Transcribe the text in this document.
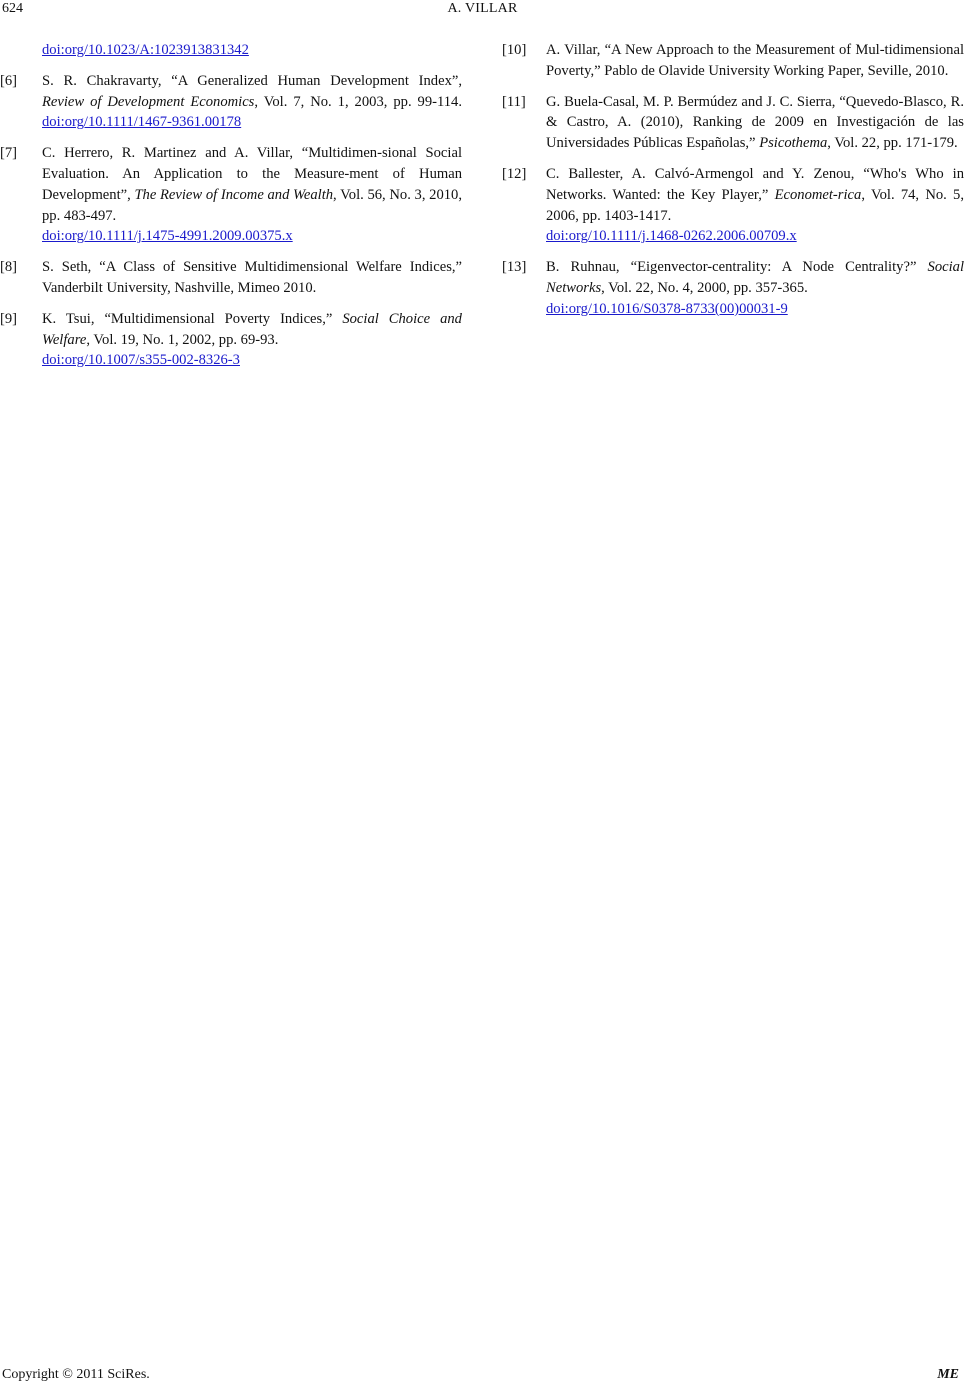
624	A. VILLAR
doi:org/10.1023/A:1023913831342
[6] S. R. Chakravarty, “A Generalized Human Development Index”, Review of Development Economics, Vol. 7, No. 1, 2003, pp. 99-114. doi:org/10.1111/1467-9361.00178
[7] C. Herrero, R. Martinez and A. Villar, “Multidimen-sional Social Evaluation. An Application to the Measure-ment of Human Development”, The Review of Income and Wealth, Vol. 56, No. 3, 2010, pp. 483-497.
doi:org/10.1111/j.1475-4991.2009.00375.x
[8] S. Seth, “A Class of Sensitive Multidimensional Welfare Indices,” Vanderbilt University, Nashville, Mimeo 2010.
[9] K. Tsui, “Multidimensional Poverty Indices,” Social Choice and Welfare, Vol. 19, No. 1, 2002, pp. 69-93.
doi:org/10.1007/s355-002-8326-3
[10] A. Villar, “A New Approach to the Measurement of Mul-tidimensional Poverty,” Pablo de Olavide University Working Paper, Seville, 2010.
[11] G. Buela-Casal, M. P. Bermúdez and J. C. Sierra, “Quevedo-Blasco, R. & Castro, A. (2010), Ranking de 2009 en Investigación de las Universidades Públicas Españolas,” Psicothema, Vol. 22, pp. 171-179.
[12] C. Ballester, A. Calvó-Armengol and Y. Zenou, “Who's Who in Networks. Wanted: the Key Player,” Economet-rica, Vol. 74, No. 5, 2006, pp. 1403-1417.
doi:org/10.1111/j.1468-0262.2006.00709.x
[13] B. Ruhnau, “Eigenvector-centrality: A Node Centrality?” Social Networks, Vol. 22, No. 4, 2000, pp. 357-365.
doi:org/10.1016/S0378-8733(00)00031-9
Copyright © 2011 SciRes.	ME
